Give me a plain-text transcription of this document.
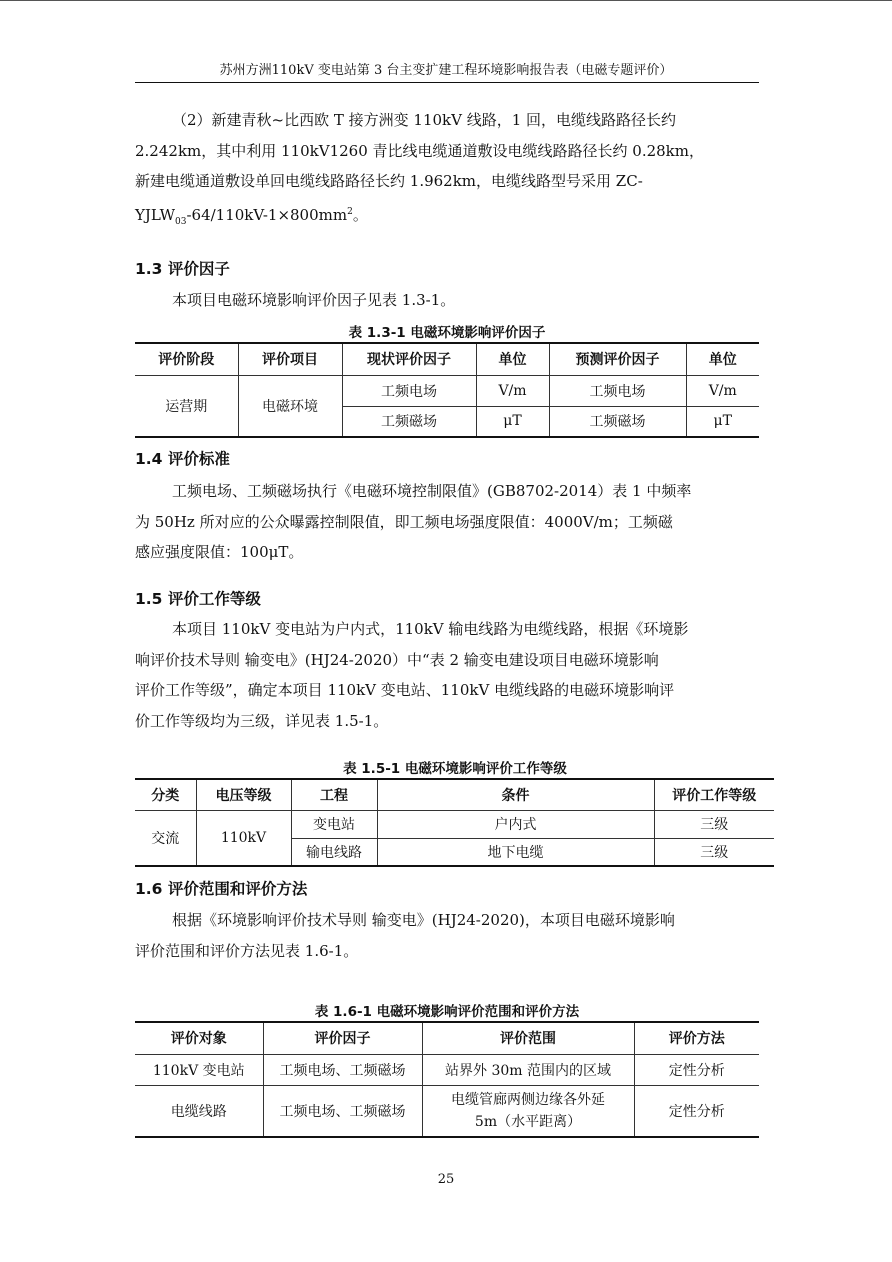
苏州方洲110kV 变电站第 3 台主变扩建工程环境影响报告表（电磁专题评价）

（2）新建青秋~比西欧 T 接方洲变 110kV 线路，1 回，电缆线路路径长约
2.242km，其中利用 110kV1260 青比线电缆通道敷设电缆线路路径长约 0.28km，
新建电缆通道敷设单回电缆线路路径长约 1.962km，电缆线路型号采用 ZC-
$YJLW_{03}-64/110kV-1\times 800mm^2$。

1.3 评价因子

本项目电磁环境影响评价因子见表 1.3-1。

表 1.3-1 电磁环境影响评价因子
评价阶段	评价项目	现状评价因子	单位	预测评价因子	单位
运营期	电磁环境	工频电场	V/m	工频电场	V/m
		工频磁场	μT	工频磁场	μT

1.4 评价标准

工频电场、工频磁场执行《电磁环境控制限值》(GB8702-2014）表 1 中频率
为 50Hz 所对应的公众曝露控制限值，即工频电场强度限值：4000V/m；工频磁
感应强度限值：100μT。

1.5 评价工作等级

本项目 110kV 变电站为户内式，110kV 输电线路为电缆线路，根据《环境影
响评价技术导则 输变电》(HJ24-2020）中“表 2 输变电建设项目电磁环境影响
评价工作等级”，确定本项目 110kV 变电站、110kV 电缆线路的电磁环境影响评
价工作等级均为三级，详见表 1.5-1。

表 1.5-1 电磁环境影响评价工作等级
分类	电压等级	工程	条件	评价工作等级
交流	110kV	变电站	户内式	三级
		输电线路	地下电缆	三级

1.6 评价范围和评价方法

根据《环境影响评价技术导则 输变电》(HJ24-2020)，本项目电磁环境影响
评价范围和评价方法见表 1.6-1。

表 1.6-1 电磁环境影响评价范围和评价方法
评价对象	评价因子	评价范围	评价方法
110kV 变电站	工频电场、工频磁场	站界外 30m 范围内的区域	定性分析
电缆线路	工频电场、工频磁场	电缆管廊两侧边缘各外延 5m（水平距离）	定性分析
25
